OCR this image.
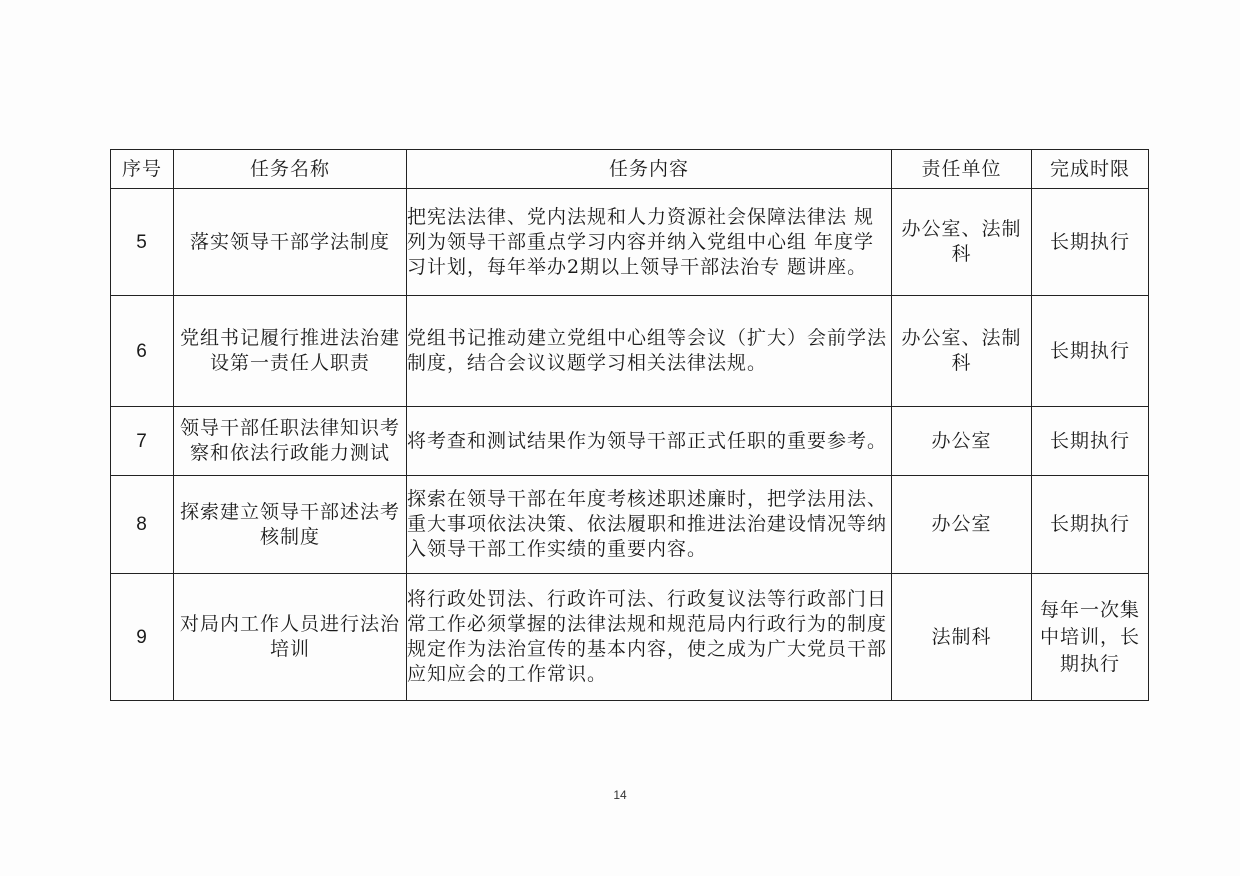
序号	任务名称	任务内容	责任单位	完成时限
5	落实领导干部学法制度	把宪法法律、党内法规和人力资源社会保障法律法 规列为领导干部重点学习内容并纳入党组中心组 年度学习计划，每年举办2期以上领导干部法治专 题讲座。	办公室、法制科	长期执行
6	党组书记履行推进法治建设第一责任人职责	党组书记推动建立党组中心组等会议（扩大）会前学法制度，结合会议议题学习相关法律法规。	办公室、法制科	长期执行
7	领导干部任职法律知识考察和依法行政能力测试	将考查和测试结果作为领导干部正式任职的重要参考。	办公室	长期执行
8	探索建立领导干部述法考核制度	探索在领导干部在年度考核述职述廉时，把学法用法、重大事项依法决策、依法履职和推进法治建设情况等纳入领导干部工作实绩的重要内容。	办公室	长期执行
9	对局内工作人员进行法治培训	将行政处罚法、行政许可法、行政复议法等行政部门日常工作必须掌握的法律法规和规范局内行政行为的制度规定作为法治宣传的基本内容，使之成为广大党员干部应知应会的工作常识。	法制科	每年一次集中培训，长期执行
14
